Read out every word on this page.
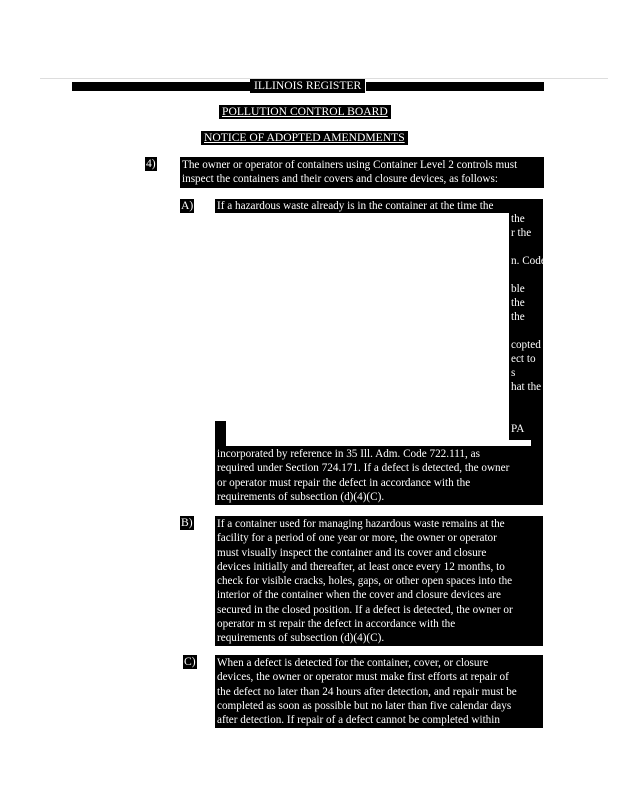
ILLINOIS REGISTER
POLLUTION CONTROL BOARD
NOTICE OF ADOPTED AMENDMENTS
4) The owner or operator of containers using Container Level 2 controls must
inspect the containers and their covers and closure devices, as follows:
A) If a hazardous waste already is in the container at the time the
the
r the
n. Code
ble
the
the
copted
ect to
s
hat the
PA
incorporated by reference in 35 Ill. Adm. Code 722.111, as
required under Section 724.171. If a defect is detected, the owner
or operator must repair the defect in accordance with the
requirements of subsection (d)(4)(C).
B) If a container used for managing hazardous waste remains at the
facility for a period of one year or more, the owner or operator
must visually inspect the container and its cover and closure
devices initially and thereafter, at least once every 12 months, to
check for visible cracks, holes, gaps, or other open spaces into the
interior of the container when the cover and closure devices are
secured in the closed position. If a defect is detected, the owner or
operator m st repair the defect in accordance with the
requirements of subsection (d)(4)(C).
C) When a defect is detected for the container, cover, or closure
devices, the owner or operator must make first efforts at repair of
the defect no later than 24 hours after detection, and repair must be
completed as soon as possible but no later than five calendar days
after detection. If repair of a defect cannot be completed within
